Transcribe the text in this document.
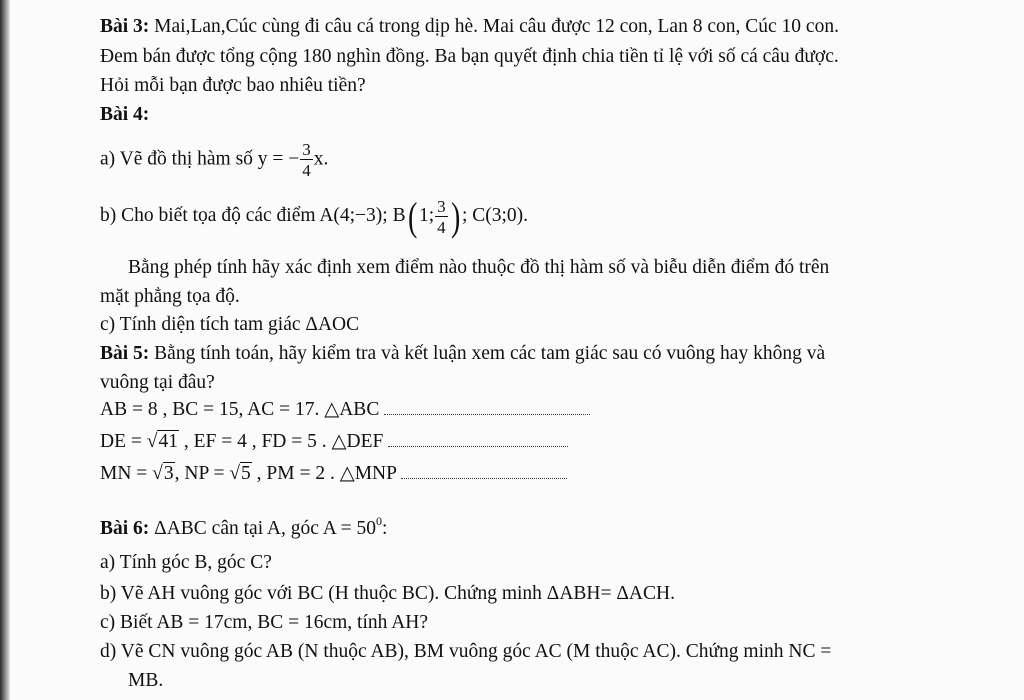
Bài 3: Mai,Lan,Cúc cùng đi câu cá trong dịp hè. Mai câu được 12 con, Lan 8 con, Cúc 10 con.
Đem bán được tổng cộng 180 nghìn đồng. Ba bạn quyết định chia tiền tỉ lệ với số cá câu được.
Hỏi mỗi bạn được bao nhiêu tiền?
Bài 4:
a) Vẽ đồ thị hàm số y = − $\frac{3}{4} x$.
b) Cho biết tọa độ các điểm A(4;−3); B( 1; $\frac{3}{4}$ ) ; C(3;0).
Bằng phép tính hãy xác định xem điểm nào thuộc đồ thị hàm số và biễu diễn điểm đó trên
mặt phẳng tọa độ.
c) Tính diện tích tam giác ΔAOC
Bài 5: Bằng tính toán, hãy kiểm tra và kết luận xem các tam giác sau có vuông hay không và
vuông tại đâu?
AB = 8 , BC = 15, AC = 17. △ABC
DE = √41 , EF = 4 , FD = 5 . △DEF
MN = √3, NP = √5 , PM = 2 . △MNP
Bài 6: ΔABC cân tại A, góc $A = 50^0$:
a) Tính góc B, góc C?
b) Vẽ AH vuông góc với BC (H thuộc BC). Chứng minh ΔABH= ΔACH.
c) Biết AB = 17cm, BC = 16cm, tính AH?
d) Vẽ CN vuông góc AB (N thuộc AB), BM vuông góc AC (M thuộc AC). Chứng minh NC =
MB.
